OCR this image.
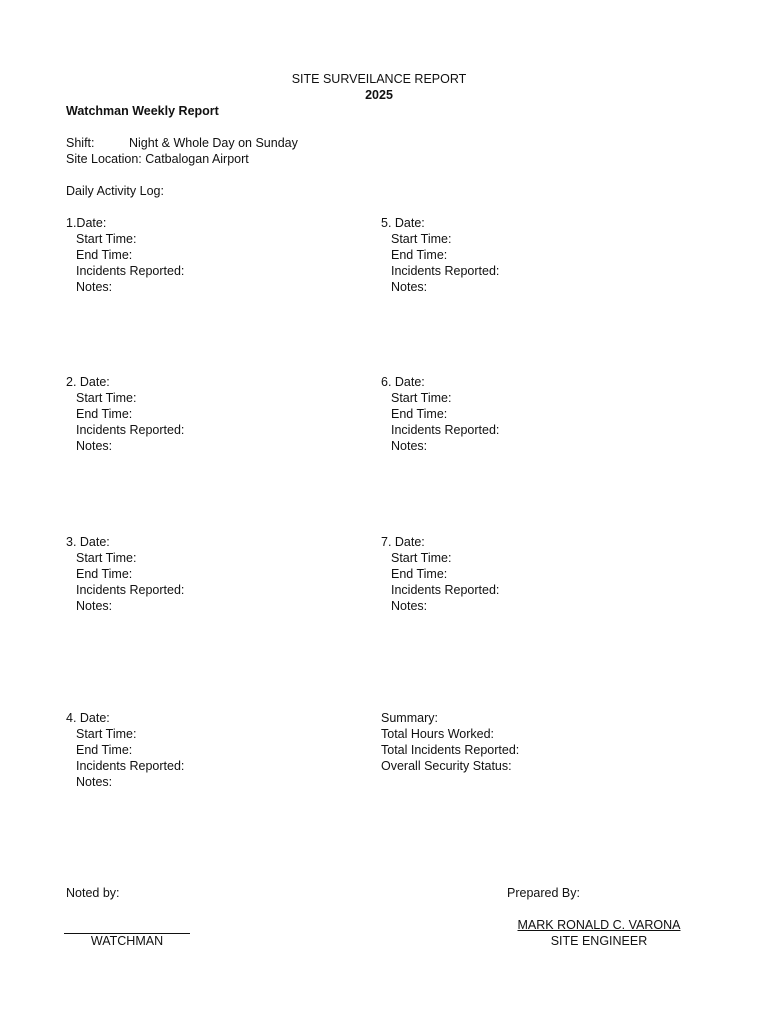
SITE SURVEILANCE REPORT
2025
Watchman Weekly Report
Shift:	Night & Whole Day on Sunday
Site Location: Catbalogan Airport
Daily Activity Log:
1.Date:
Start Time:
End Time:
Incidents Reported:
Notes:
2. Date:
Start Time:
End Time:
Incidents Reported:
Notes:
3. Date:
Start Time:
End Time:
Incidents Reported:
Notes:
4. Date:
Start Time:
End Time:
Incidents Reported:
Notes:
5. Date:
Start Time:
End Time:
Incidents Reported:
Notes:
6. Date:
Start Time:
End Time:
Incidents Reported:
Notes:
7. Date:
Start Time:
End Time:
Incidents Reported:
Notes:
Summary:
Total Hours Worked:
Total Incidents Reported:
Overall Security Status:
Noted by:
WATCHMAN
Prepared By:
MARK RONALD C. VARONA
SITE ENGINEER
